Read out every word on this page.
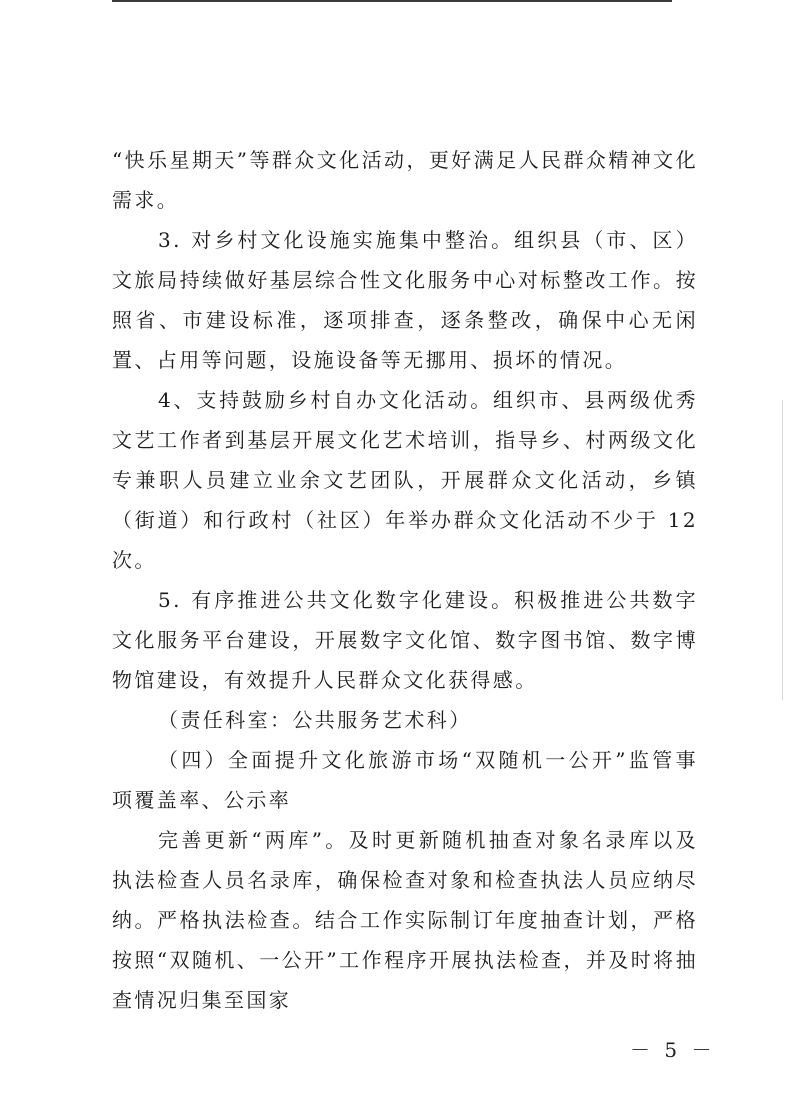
“快乐星期天”等群众文化活动，更好满足人民群众精神文化需求。

3. 对乡村文化设施实施集中整治。组织县（市、区）文旅局持续做好基层综合性文化服务中心对标整改工作。按照省、市建设标准，逐项排查，逐条整改，确保中心无闲置、占用等问题，设施设备等无挪用、损坏的情况。

4、支持鼓励乡村自办文化活动。组织市、县两级优秀文艺工作者到基层开展文化艺术培训，指导乡、村两级文化专兼职人员建立业余文艺团队，开展群众文化活动，乡镇（街道）和行政村（社区）年举办群众文化活动不少于 12 次。

5. 有序推进公共文化数字化建设。积极推进公共数字文化服务平台建设，开展数字文化馆、数字图书馆、数字博物馆建设，有效提升人民群众文化获得感。

（责任科室：公共服务艺术科）

（四）全面提升文化旅游市场“双随机一公开”监管事项覆盖率、公示率

完善更新“两库”。及时更新随机抽查对象名录库以及执法检查人员名录库，确保检查对象和检查执法人员应纳尽纳。严格执法检查。结合工作实际制订年度抽查计划，严格按照“双随机、一公开”工作程序开展执法检查，并及时将抽查情况归集至国家

－ 5 －
